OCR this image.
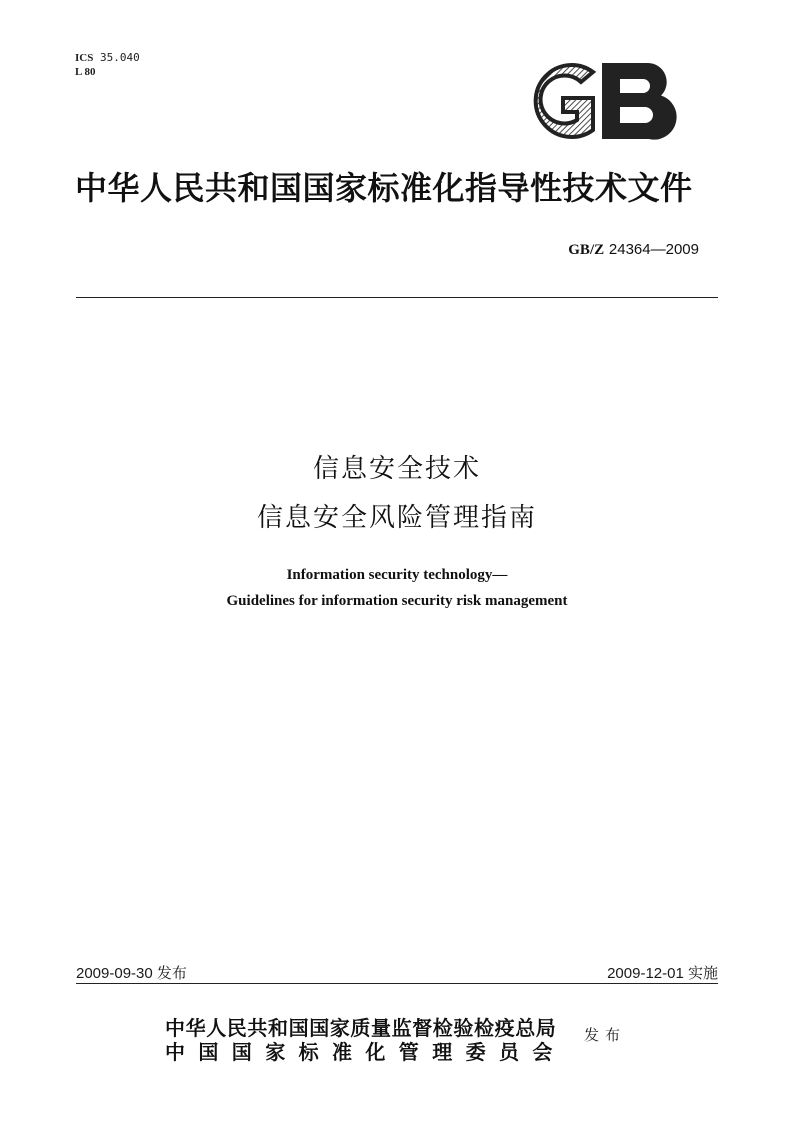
ICS 35.040
L 80
中华人民共和国国家标准化指导性技术文件
GB/Z 24364—2009
信息安全技术
信息安全风险管理指南
Information security technology—
Guidelines for information security risk management
2009-09-30 发布	2009-12-01 实施
中华人民共和国国家质量监督检验检疫总局
中国国家标准化管理委员会
发布
